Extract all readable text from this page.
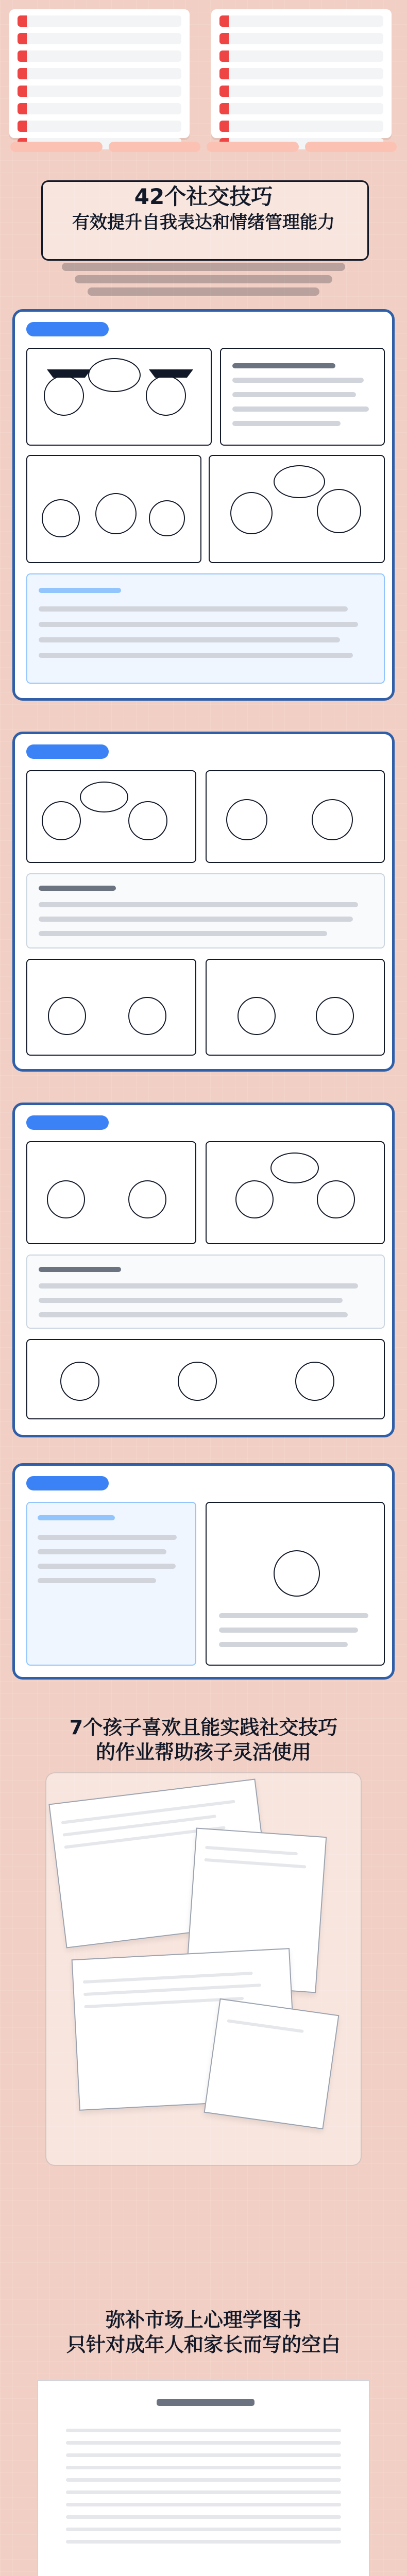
42个社交技巧
有效提升自我表达和情绪管理能力
7个孩子喜欢且能实践社交技巧
的作业帮助孩子灵活使用
弥补市场上心理学图书
只针对成年人和家长而写的空白
